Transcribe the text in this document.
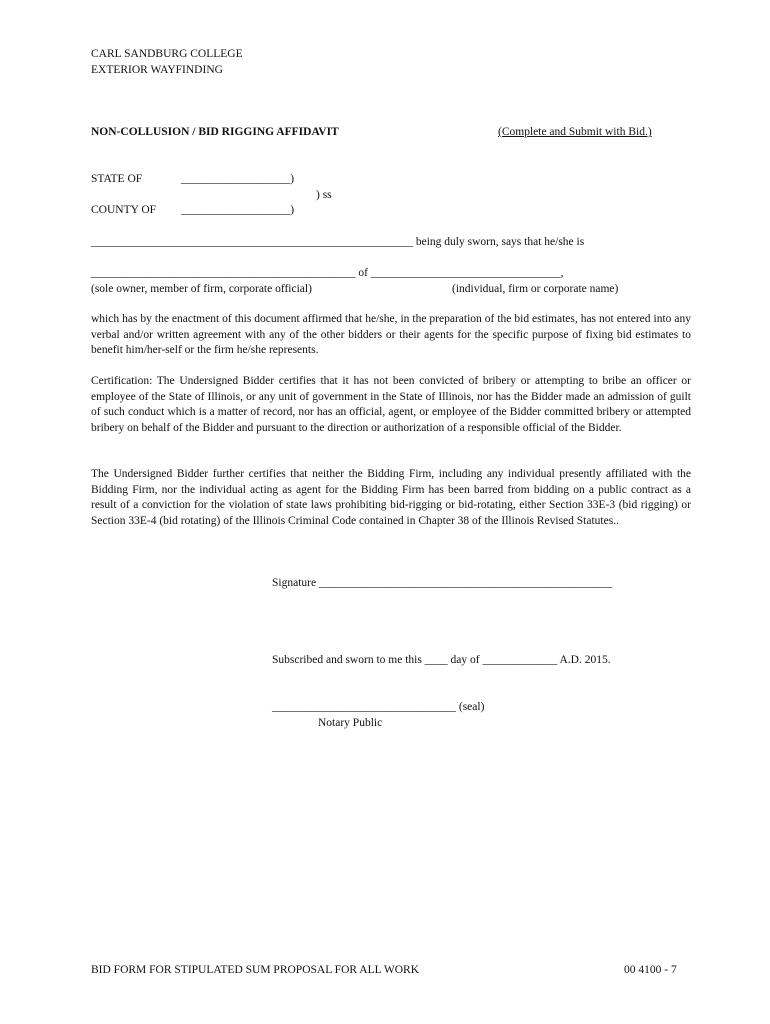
CARL SANDBURG COLLEGE
EXTERIOR WAYFINDING
NON-COLLUSION / BID RIGGING AFFIDAVIT	(Complete and Submit with Bid.)
STATE OF	___________________)
) ss
COUNTY OF ___________________)
________________________________________________________ being duly sworn, says that he/she is
______________________________________________ of _________________________________,
(sole owner, member of firm, corporate official)	(individual, firm or corporate name)
which has by the enactment of this document affirmed that he/she, in the preparation of the bid estimates, has not entered into any verbal and/or written agreement with any of the other bidders or their agents for the specific purpose of fixing bid estimates to benefit him/her-self or the firm he/she represents.
Certification: The Undersigned Bidder certifies that it has not been convicted of bribery or attempting to bribe an officer or employee of the State of Illinois, or any unit of government in the State of Illinois, nor has the Bidder made an admission of guilt of such conduct which is a matter of record, nor has an official, agent, or employee of the Bidder committed bribery or attempted bribery on behalf of the Bidder and pursuant to the direction or authorization of a responsible official of the Bidder.
The Undersigned Bidder further certifies that neither the Bidding Firm, including any individual presently affiliated with the Bidding Firm, nor the individual acting as agent for the Bidding Firm has been barred from bidding on a public contract as a result of a conviction for the violation of state laws prohibiting bid-rigging or bid-rotating, either Section 33E-3 (bid rigging) or Section 33E-4 (bid rotating) of the Illinois Criminal Code contained in Chapter 38 of the Illinois Revised Statutes..
Signature ___________________________________________________
Subscribed and sworn to me this ____ day of _____________ A.D. 2015.
________________________________ (seal)
Notary Public
BID FORM FOR STIPULATED SUM PROPOSAL FOR ALL WORK	00 4100 - 7
